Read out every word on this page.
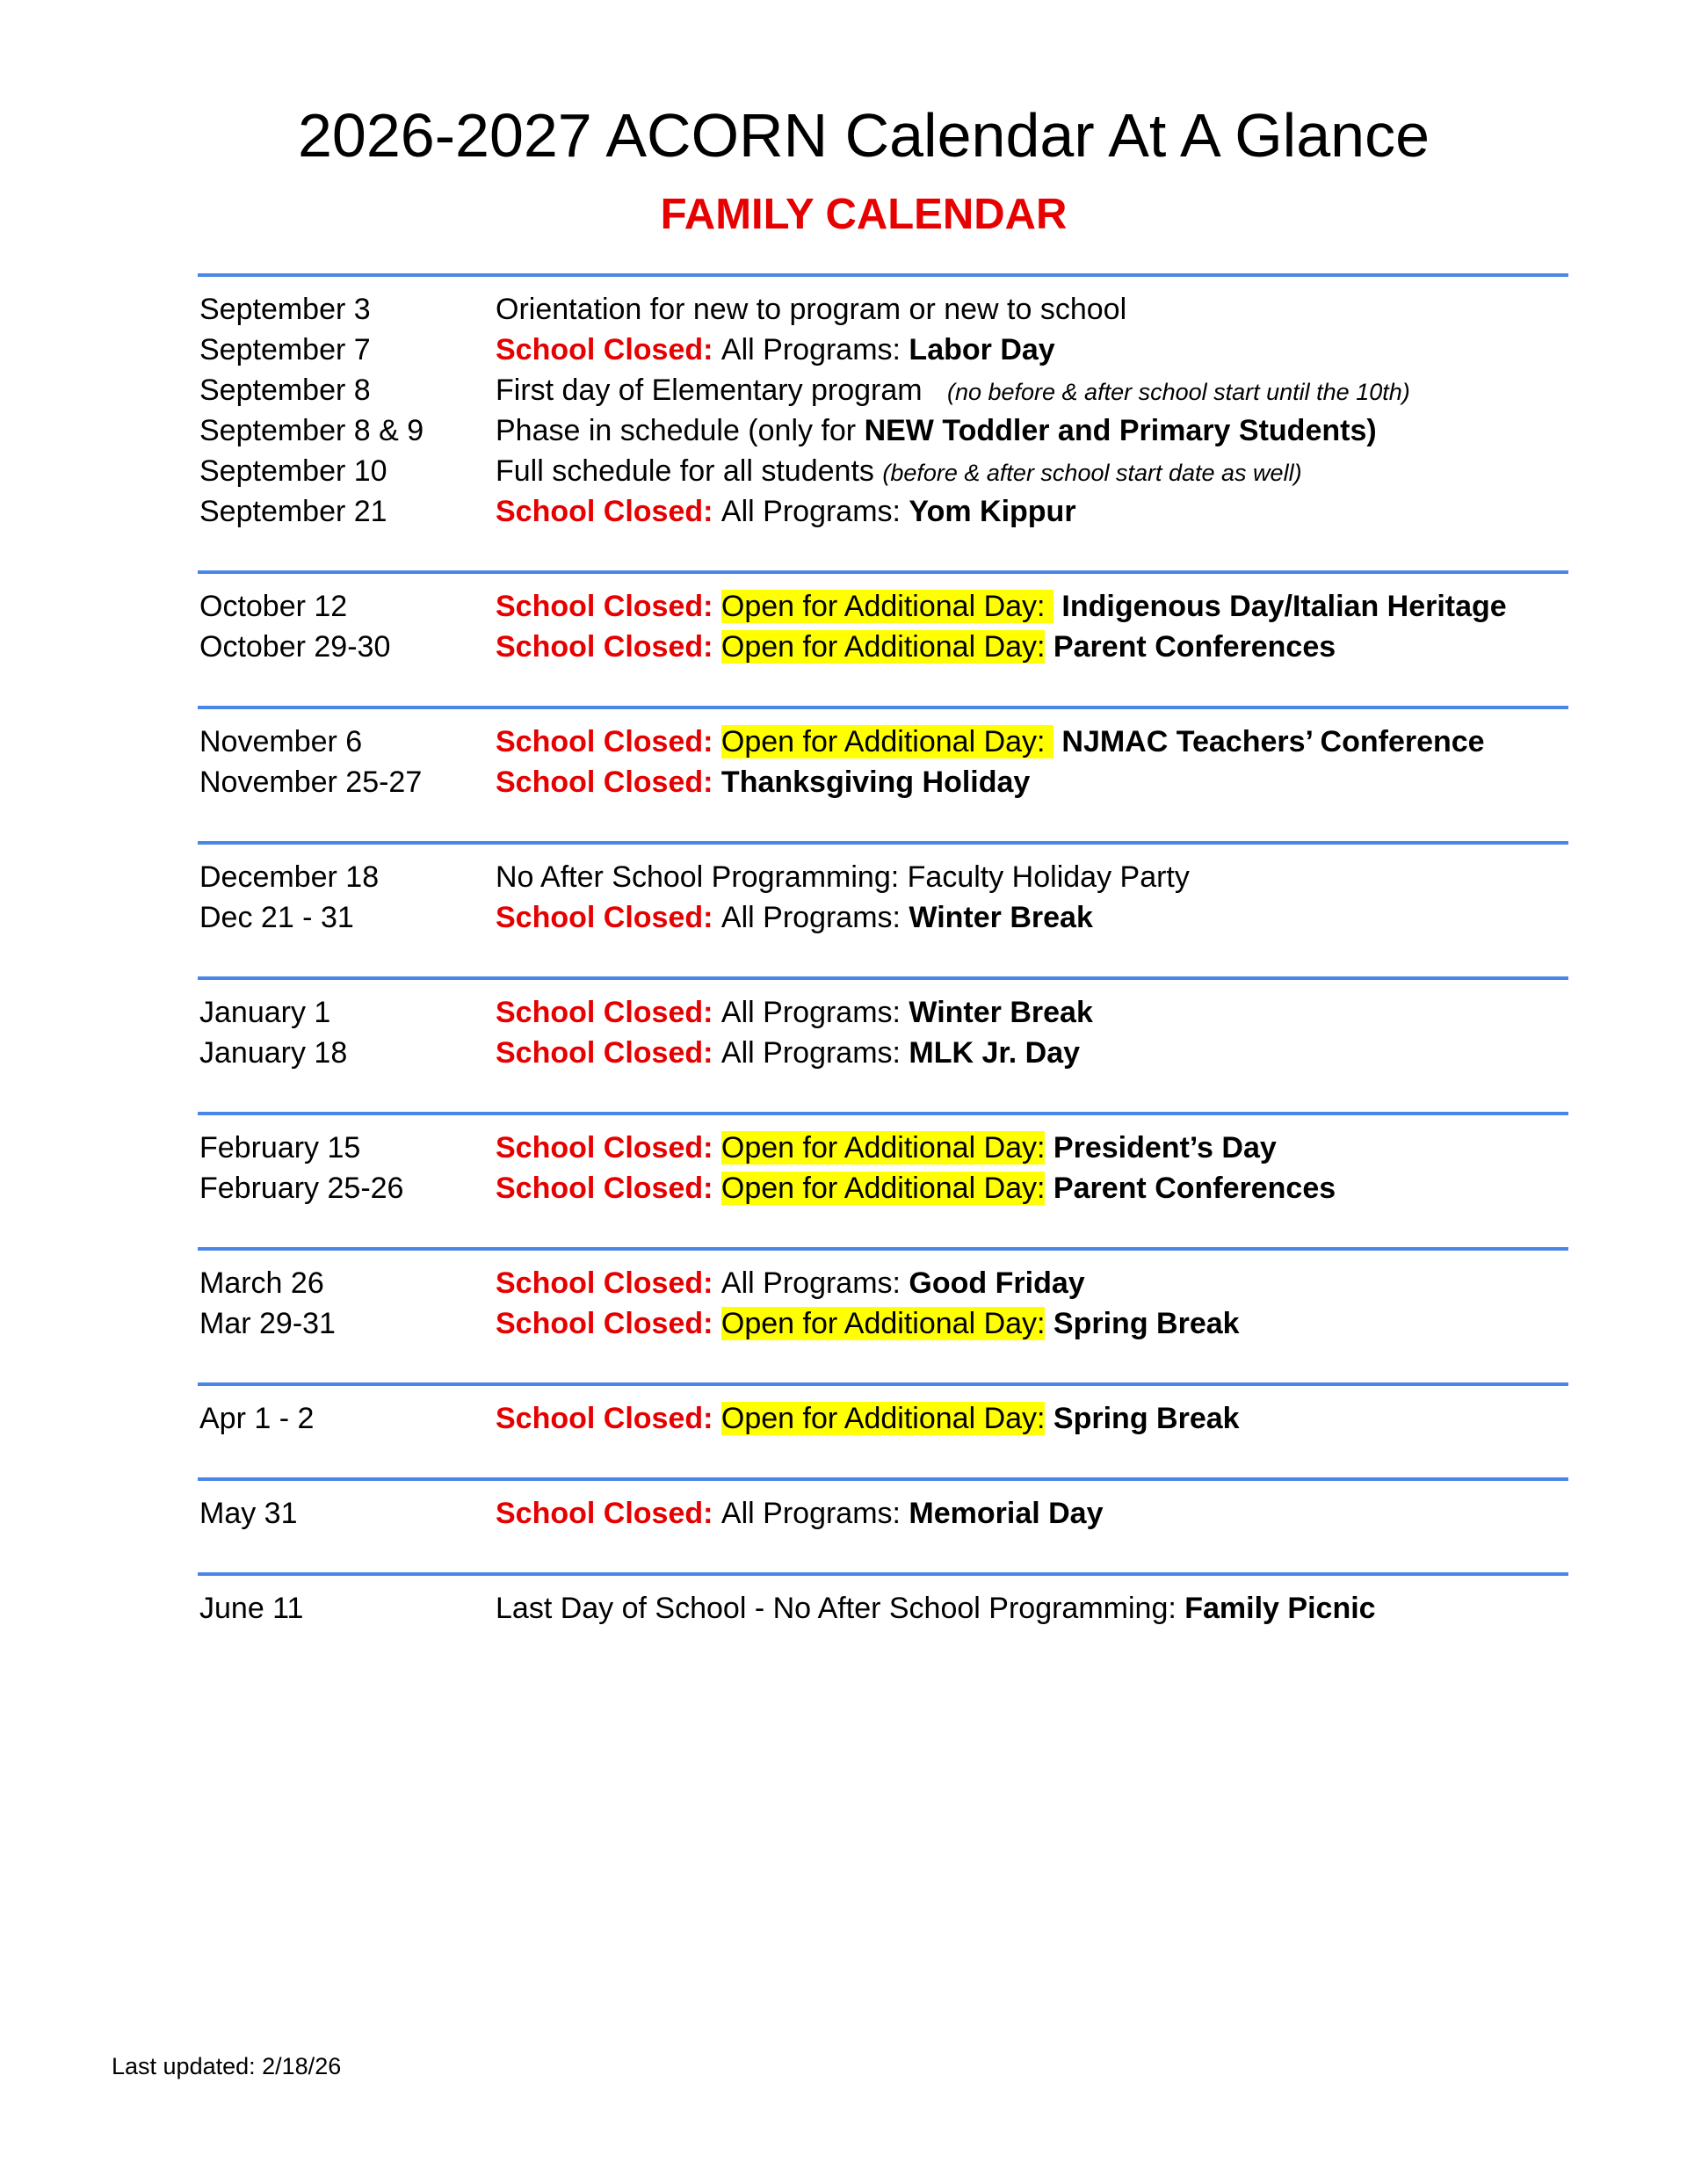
2026-2027 ACORN Calendar At A Glance
FAMILY CALENDAR
September 3	Orientation for new to program or new to school
September 7	School Closed: All Programs: Labor Day
September 8	First day of Elementary program   (no before & after school start until the 10th)
September 8 & 9 Phase in schedule (only for NEW Toddler and Primary Students)
September 10	Full schedule for all students (before & after school start date as well)
September 21	School Closed: All Programs: Yom Kippur
October 12	School Closed: Open for Additional Day:  Indigenous Day/Italian Heritage
October 29-30	School Closed: Open for Additional Day: Parent Conferences
November 6	School Closed: Open for Additional Day:  NJMAC Teachers’ Conference
November 25-27 School Closed: Thanksgiving Holiday
December 18	No After School Programming: Faculty Holiday Party
Dec 21 - 31	School Closed: All Programs: Winter Break
January 1	School Closed: All Programs: Winter Break
January 18	School Closed: All Programs: MLK Jr. Day
February 15	School Closed: Open for Additional Day: President’s Day
February 25-26	School Closed: Open for Additional Day: Parent Conferences
March 26	School Closed: All Programs: Good Friday
Mar 29-31	School Closed: Open for Additional Day: Spring Break
Apr 1 - 2	School Closed: Open for Additional Day: Spring Break
May 31	School Closed: All Programs: Memorial Day
June 11	Last Day of School - No After School Programming: Family Picnic
Last updated: 2/18/26
